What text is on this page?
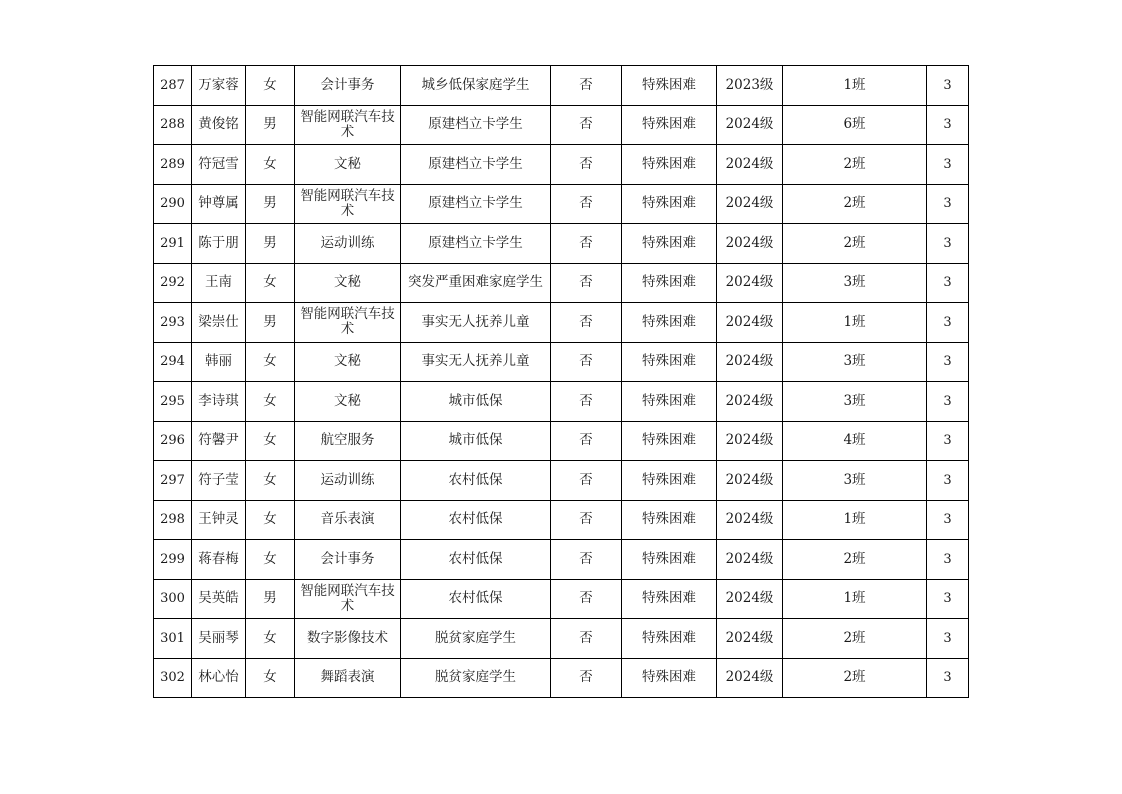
287	万家蓉	女	会计事务	城乡低保家庭学生	否	特殊困难	2023级	1班	3
288	黄俊铭	男	智能网联汽车技术	原建档立卡学生	否	特殊困难	2024级	6班	3
289	符冠雪	女	文秘	原建档立卡学生	否	特殊困难	2024级	2班	3
290	钟尊属	男	智能网联汽车技术	原建档立卡学生	否	特殊困难	2024级	2班	3
291	陈于朋	男	运动训练	原建档立卡学生	否	特殊困难	2024级	2班	3
292	王南	女	文秘	突发严重困难家庭学生	否	特殊困难	2024级	3班	3
293	梁崇仕	男	智能网联汽车技术	事实无人抚养儿童	否	特殊困难	2024级	1班	3
294	韩丽	女	文秘	事实无人抚养儿童	否	特殊困难	2024级	3班	3
295	李诗琪	女	文秘	城市低保	否	特殊困难	2024级	3班	3
296	符馨尹	女	航空服务	城市低保	否	特殊困难	2024级	4班	3
297	符子莹	女	运动训练	农村低保	否	特殊困难	2024级	3班	3
298	王钟灵	女	音乐表演	农村低保	否	特殊困难	2024级	1班	3
299	蒋春梅	女	会计事务	农村低保	否	特殊困难	2024级	2班	3
300	吴英皓	男	智能网联汽车技术	农村低保	否	特殊困难	2024级	1班	3
301	吴丽琴	女	数字影像技术	脱贫家庭学生	否	特殊困难	2024级	2班	3
302	林心怡	女	舞蹈表演	脱贫家庭学生	否	特殊困难	2024级	2班	3
